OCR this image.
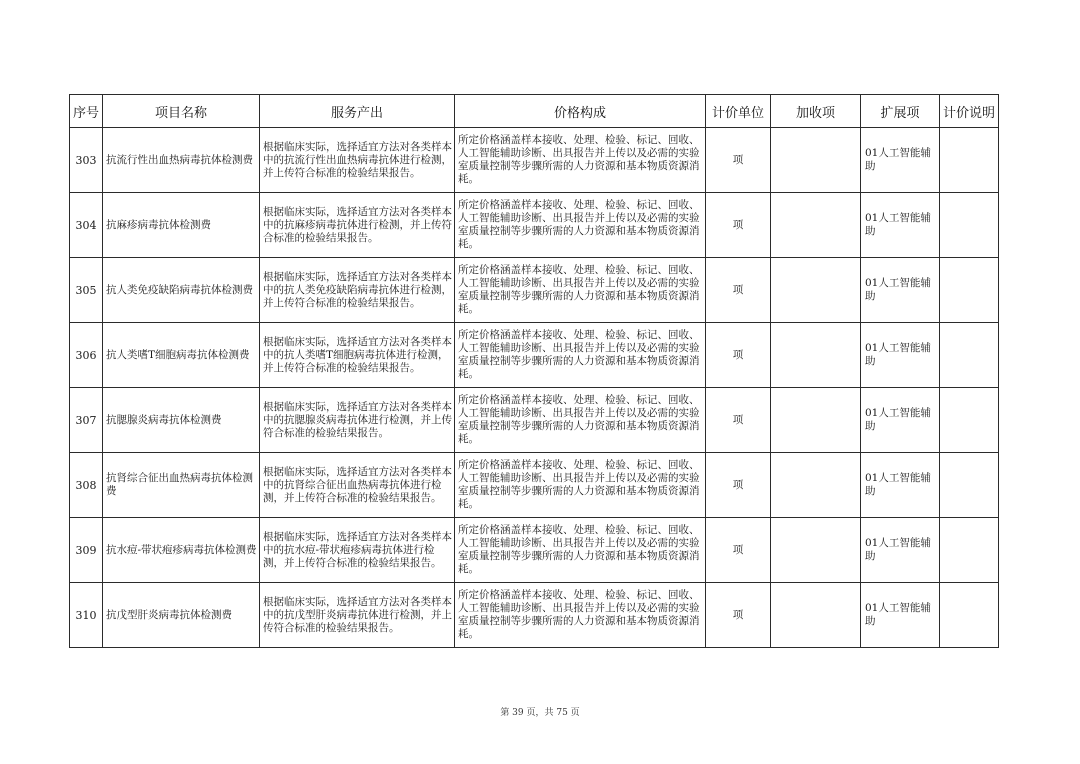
序号	项目名称	服务产出	价格构成	计价单位	加收项	扩展项	计价说明
303	抗流行性出血热病毒抗体检测费	根据临床实际，选择适宜方法对各类样本中的抗流行性出血热病毒抗体进行检测，并上传符合标准的检验结果报告。	所定价格涵盖样本接收、处理、检验、标记、回收、人工智能辅助诊断、出具报告并上传以及必需的实验室质量控制等步骤所需的人力资源和基本物质资源消耗。	项		01人工智能辅助	
304	抗麻疹病毒抗体检测费	根据临床实际，选择适宜方法对各类样本中的抗麻疹病毒抗体进行检测，并上传符合标准的检验结果报告。	所定价格涵盖样本接收、处理、检验、标记、回收、人工智能辅助诊断、出具报告并上传以及必需的实验室质量控制等步骤所需的人力资源和基本物质资源消耗。	项		01人工智能辅助	
305	抗人类免疫缺陷病毒抗体检测费	根据临床实际，选择适宜方法对各类样本中的抗人类免疫缺陷病毒抗体进行检测，并上传符合标准的检验结果报告。	所定价格涵盖样本接收、处理、检验、标记、回收、人工智能辅助诊断、出具报告并上传以及必需的实验室质量控制等步骤所需的人力资源和基本物质资源消耗。	项		01人工智能辅助	
306	抗人类嗜T细胞病毒抗体检测费	根据临床实际，选择适宜方法对各类样本中的抗人类嗜T细胞病毒抗体进行检测，并上传符合标准的检验结果报告。	所定价格涵盖样本接收、处理、检验、标记、回收、人工智能辅助诊断、出具报告并上传以及必需的实验室质量控制等步骤所需的人力资源和基本物质资源消耗。	项		01人工智能辅助	
307	抗腮腺炎病毒抗体检测费	根据临床实际，选择适宜方法对各类样本中的抗腮腺炎病毒抗体进行检测，并上传符合标准的检验结果报告。	所定价格涵盖样本接收、处理、检验、标记、回收、人工智能辅助诊断、出具报告并上传以及必需的实验室质量控制等步骤所需的人力资源和基本物质资源消耗。	项		01人工智能辅助	
308	抗肾综合征出血热病毒抗体检测费	根据临床实际，选择适宜方法对各类样本中的抗肾综合征出血热病毒抗体进行检测，并上传符合标准的检验结果报告。	所定价格涵盖样本接收、处理、检验、标记、回收、人工智能辅助诊断、出具报告并上传以及必需的实验室质量控制等步骤所需的人力资源和基本物质资源消耗。	项		01人工智能辅助	
309	抗水痘-带状疱疹病毒抗体检测费	根据临床实际，选择适宜方法对各类样本中的抗水痘-带状疱疹病毒抗体进行检测，并上传符合标准的检验结果报告。	所定价格涵盖样本接收、处理、检验、标记、回收、人工智能辅助诊断、出具报告并上传以及必需的实验室质量控制等步骤所需的人力资源和基本物质资源消耗。	项		01人工智能辅助	
310	抗戊型肝炎病毒抗体检测费	根据临床实际，选择适宜方法对各类样本中的抗戊型肝炎病毒抗体进行检测，并上传符合标准的检验结果报告。	所定价格涵盖样本接收、处理、检验、标记、回收、人工智能辅助诊断、出具报告并上传以及必需的实验室质量控制等步骤所需的人力资源和基本物质资源消耗。	项		01人工智能辅助	
第 39 页，共 75 页
